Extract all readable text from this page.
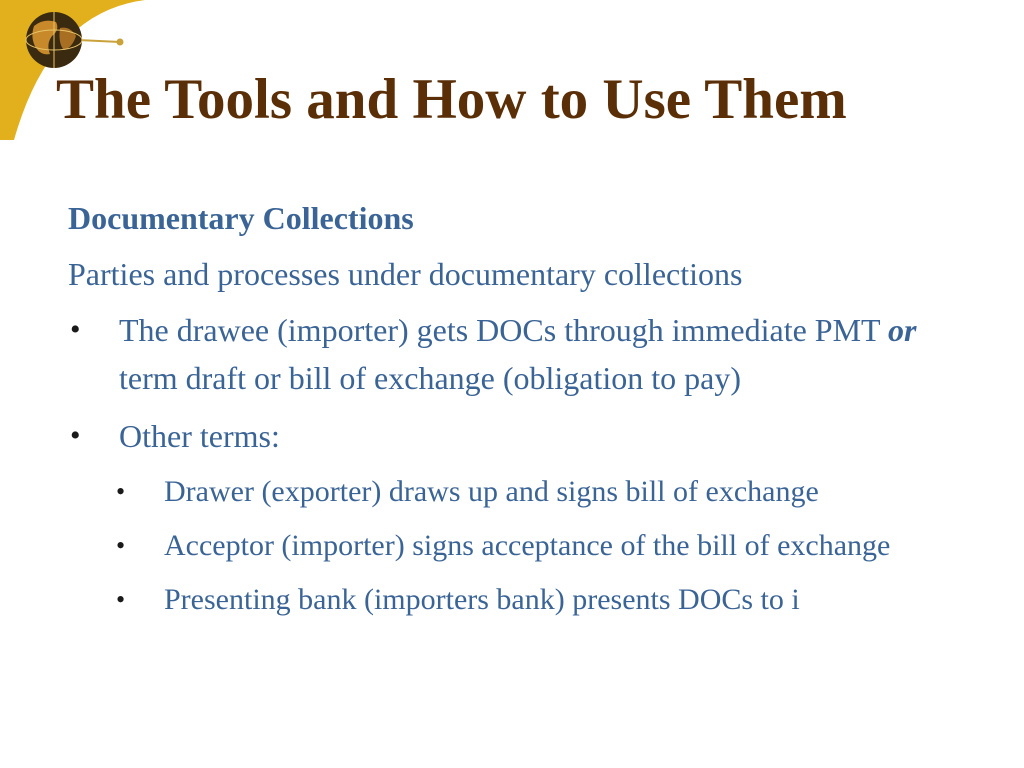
The Tools and How to Use Them

Documentary Collections

Parties and processes under documentary collections

• The drawee (importer) gets DOCs through immediate PMT or term draft or bill of exchange (obligation to pay)
• Other terms:
• Drawer (exporter) draws up and signs bill of exchange
• Acceptor (importer) signs acceptance of the bill of exchange
• Presenting bank (importers bank) presents DOCs to i
